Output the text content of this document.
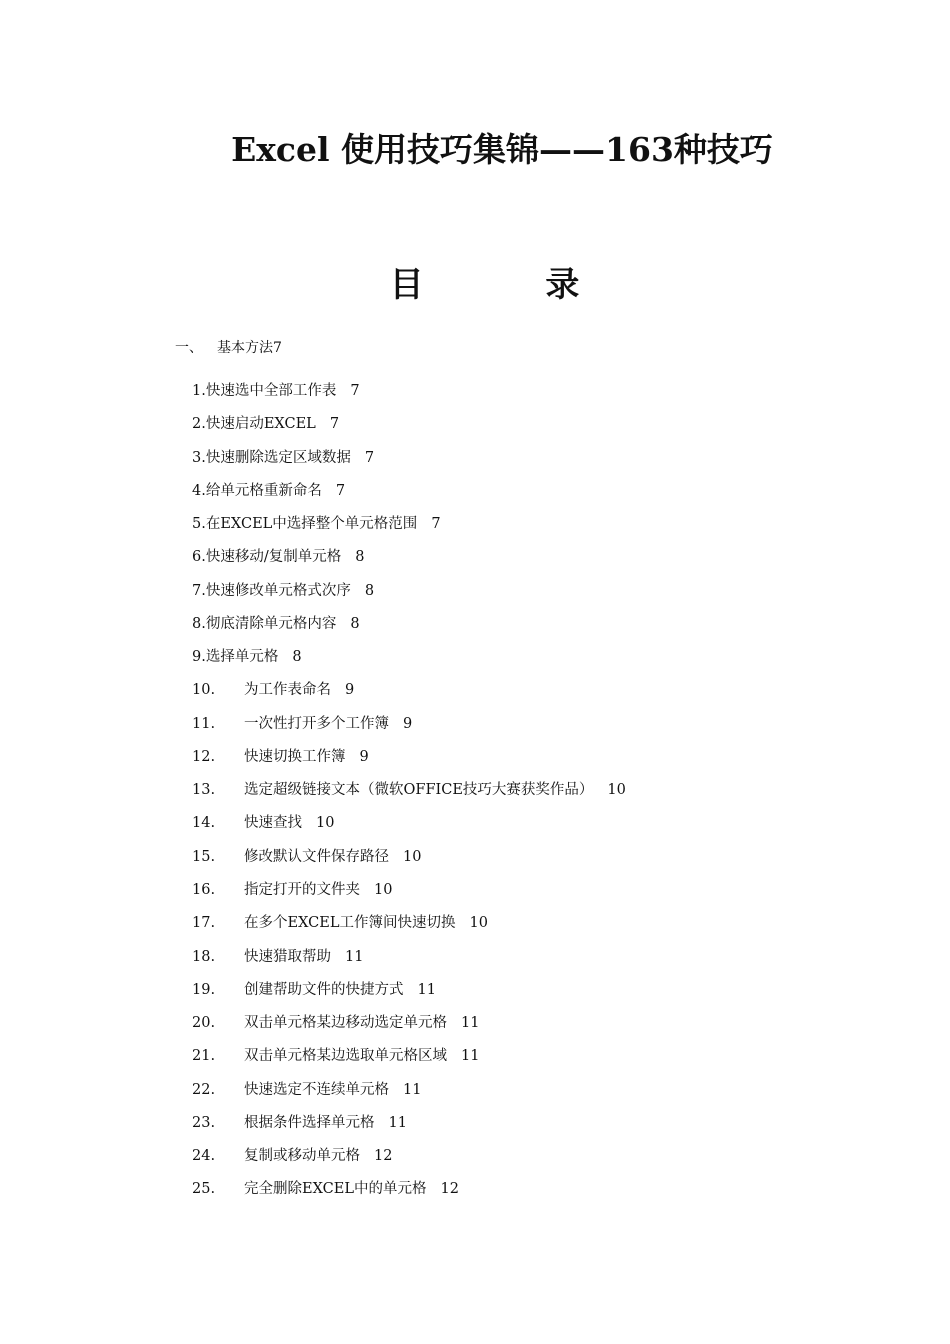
Excel 使用技巧集锦——163种技巧
目 录
一、 基本方法7
1. 快速选中全部工作表 7
2. 快速启动EXCEL 7
3. 快速删除选定区域数据 7
4. 给单元格重新命名 7
5. 在EXCEL中选择整个单元格范围 7
6. 快速移动/复制单元格 8
7. 快速修改单元格式次序 8
8. 彻底清除单元格内容 8
9. 选择单元格 8
10.	为工作表命名 9
11.	一次性打开多个工作簿 9
12.	快速切换工作簿 9
13.	选定超级链接文本（微软OFFICE技巧大赛获奖作品） 10
14.	快速查找 10
15.	修改默认文件保存路径 10
16.	指定打开的文件夹 10
17.	在多个EXCEL工作簿间快速切换 10
18.	快速猎取帮助 11
19.	创建帮助文件的快捷方式 11
20.	双击单元格某边移动选定单元格 11
21.	双击单元格某边选取单元格区域 11
22.	快速选定不连续单元格 11
23.	根据条件选择单元格 11
24.	复制或移动单元格 12
25.	完全删除EXCEL中的单元格 12
